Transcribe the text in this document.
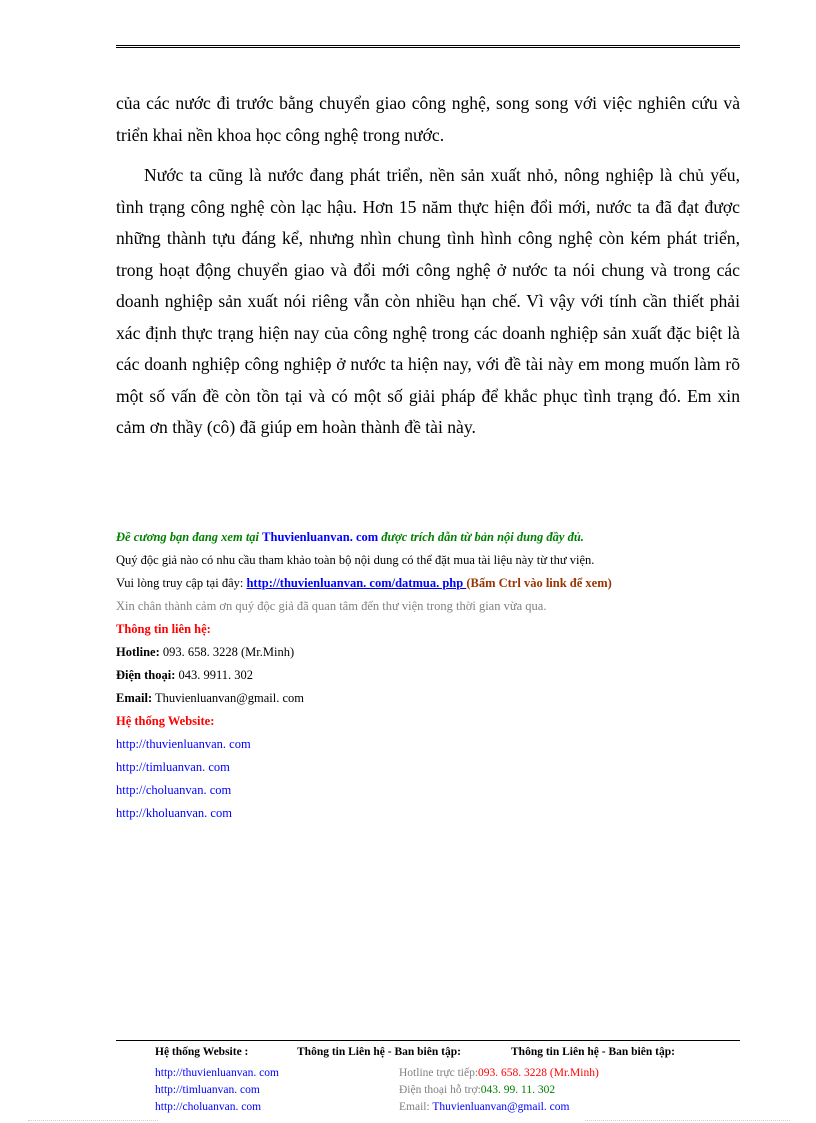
của các nước đi trước bằng chuyển giao công nghệ, song song với việc nghiên cứu và triển khai nền khoa học công nghệ trong nước.

Nước ta cũng là nước đang phát triển, nền sản xuất nhỏ, nông nghiệp là chủ yếu, tình trạng công nghệ còn lạc hậu. Hơn 15 năm thực hiện đổi mới, nước ta đã đạt được những thành tựu đáng kể, nhưng nhìn chung tình hình công nghệ còn kém phát triển, trong hoạt động chuyển giao và đổi mới công nghệ ở nước ta nói chung và trong các doanh nghiệp sản xuất nói riêng vẫn còn nhiều hạn chế. Vì vậy với tính cần thiết phải xác định thực trạng hiện nay của công nghệ trong các doanh nghiệp sản xuất đặc biệt là các doanh nghiệp công nghiệp ở nước ta hiện nay, với đề tài này em mong muốn làm rõ một số vấn đề còn tồn tại và có một số giải pháp để khắc phục tình trạng đó. Em xin cảm ơn thầy (cô) đã giúp em hoàn thành đề tài này.

Đề cương bạn đang xem tại Thuvienluanvan. com được trích dẫn từ bản nội dung đầy đủ.
Quý độc giả nào có nhu cầu tham khảo toàn bộ nội dung có thể đặt mua tài liệu này từ thư viện.
Vui lòng truy cập tại đây: http://thuvienluanvan. com/datmua. php (Bấm Ctrl vào link để xem)
Xin chân thành cảm ơn quý độc giả đã quan tâm đến thư viện trong thời gian vừa qua.
Thông tin liên hệ:
Hotline: 093. 658. 3228 (Mr.Minh)
Điện thoại: 043. 9911. 302
Email: Thuvienluanvan@gmail. com
Hệ thống Website:
http://thuvienluanvan. com
http://timluanvan. com
http://choluanvan. com
http://kholuanvan. com
Hệ thống Website :
http://thuvienluanvan. com
http://timluanvan. com
http://choluanvan. com
Thông tin Liên hệ - Ban biên tập:
Hotline trực tiếp:093. 658. 3228 (Mr.Minh)
Điện thoại hỗ trợ:043. 99. 11. 302
Email: Thuvienluanvan@gmail. com
Thông tin Liên hệ - Ban biên tập:
